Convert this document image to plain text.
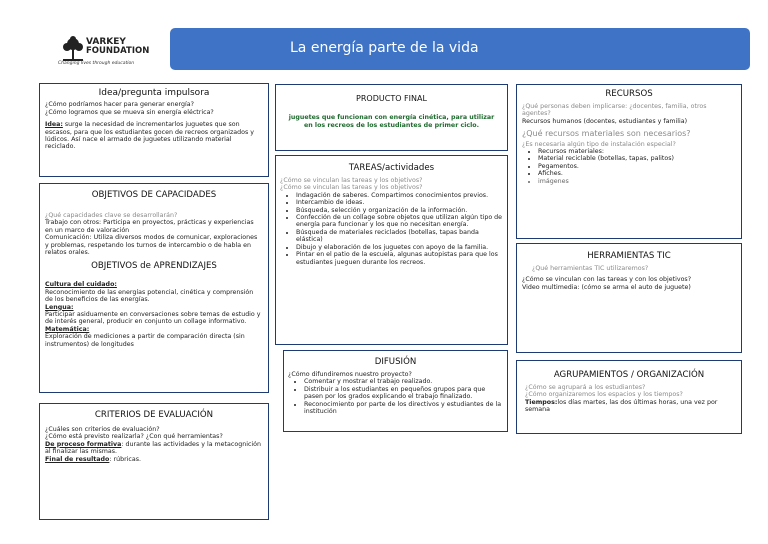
VARKEY
FOUNDATION
Changing lives through education
La energía parte de la vida
Idea/pregunta impulsora
¿Cómo podríamos hacer para generar energía?
¿Cómo logramos que se mueva sin energía eléctrica?
Idea: surge la necesidad de incrementarlos juguetes que son escasos, para que los estudiantes gocen de recreos organizados y lúdicos. Así nace el armado de juguetes utilizando material reciclado.
OBJETIVOS DE CAPACIDADES
¿Qué capacidades clave se desarrollarán?
Trabajo con otros: Participa en proyectos, prácticas y experiencias en un marco de valoración
Comunicación: Utiliza diversos modos de comunicar, exploraciones
y problemas, respetando los turnos de intercambio o de habla en relatos orales.
OBJETIVOS de APRENDIZAJES
Cultura del cuidado:
Reconocimiento de las energías potencial, cinética y comprensión de los beneficios de las energías.
Lengua:
Participar asiduamente en conversaciones sobre temas de estudio y de interés general, producir en conjunto un collage informativo.
Matemática:
Exploración de mediciones a partir de comparación directa (sin instrumentos) de longitudes
CRITERIOS DE EVALUACIÓN
¿Cuáles son criterios de evaluación?
¿Cómo está previsto realizarla? ¿Con qué herramientas?
De proceso formativa: durante las actividades y la metacognición al finalizar las mismas.
Final de resultado: rúbricas.
PRODUCTO FINAL
juguetes que funcionan con energía cinética, para utilizar en los recreos de los estudiantes de primer ciclo.
TAREAS/actividades
¿Cómo se vinculan las tareas y los objetivos?
¿Cómo se vinculan las tareas y los objetivos?
• Indagación de saberes. Compartimos conocimientos previos.
• Intercambio de ideas.
• Búsqueda, selección y organización de la información.
• Confección de un collage sobre objetos que utilizan algún tipo de energía para funcionar y los que no necesitan energía.
• Búsqueda de materiales reciclados (botellas, tapas banda elástica)
• Dibujo y elaboración de los juguetes con apoyo de la familia.
• Pintar en el patio de la escuela, algunas autopistas para que los estudiantes jueguen durante los recreos.
DIFUSIÓN
¿Cómo difundiremos nuestro proyecto?
• Comentar y mostrar el trabajo realizado.
• Distribuir a los estudiantes en pequeños grupos para que pasen por los grados explicando el trabajo finalizado.
• Reconocimiento por parte de los directivos y estudiantes de la institución
RECURSOS
¿Qué personas deben implicarse: ¿docentes, familia, otros agentes?
Recursos humanos (docentes, estudiantes y familia)
¿Qué recursos materiales son necesarios?
¿Es necesaria algún tipo de instalación especial?
• Recursos materiales:
• Material reciclable (botellas, tapas, palitos)
• Pegamentos.
• Afiches.
• imágenes
HERRAMIENTAS TIC
¿Qué herramientas TIC utilizaremos?
¿Cómo se vinculan con las tareas y con los objetivos?
Video multimedia: (cómo se arma el auto de juguete)
AGRUPAMIENTOS / ORGANIZACIÓN
¿Cómo se agrupará a los estudiantes?
¿Cómo organizaremos los espacios y los tiempos?
Tiempos:los días martes, las dos últimas horas, una vez por semana
